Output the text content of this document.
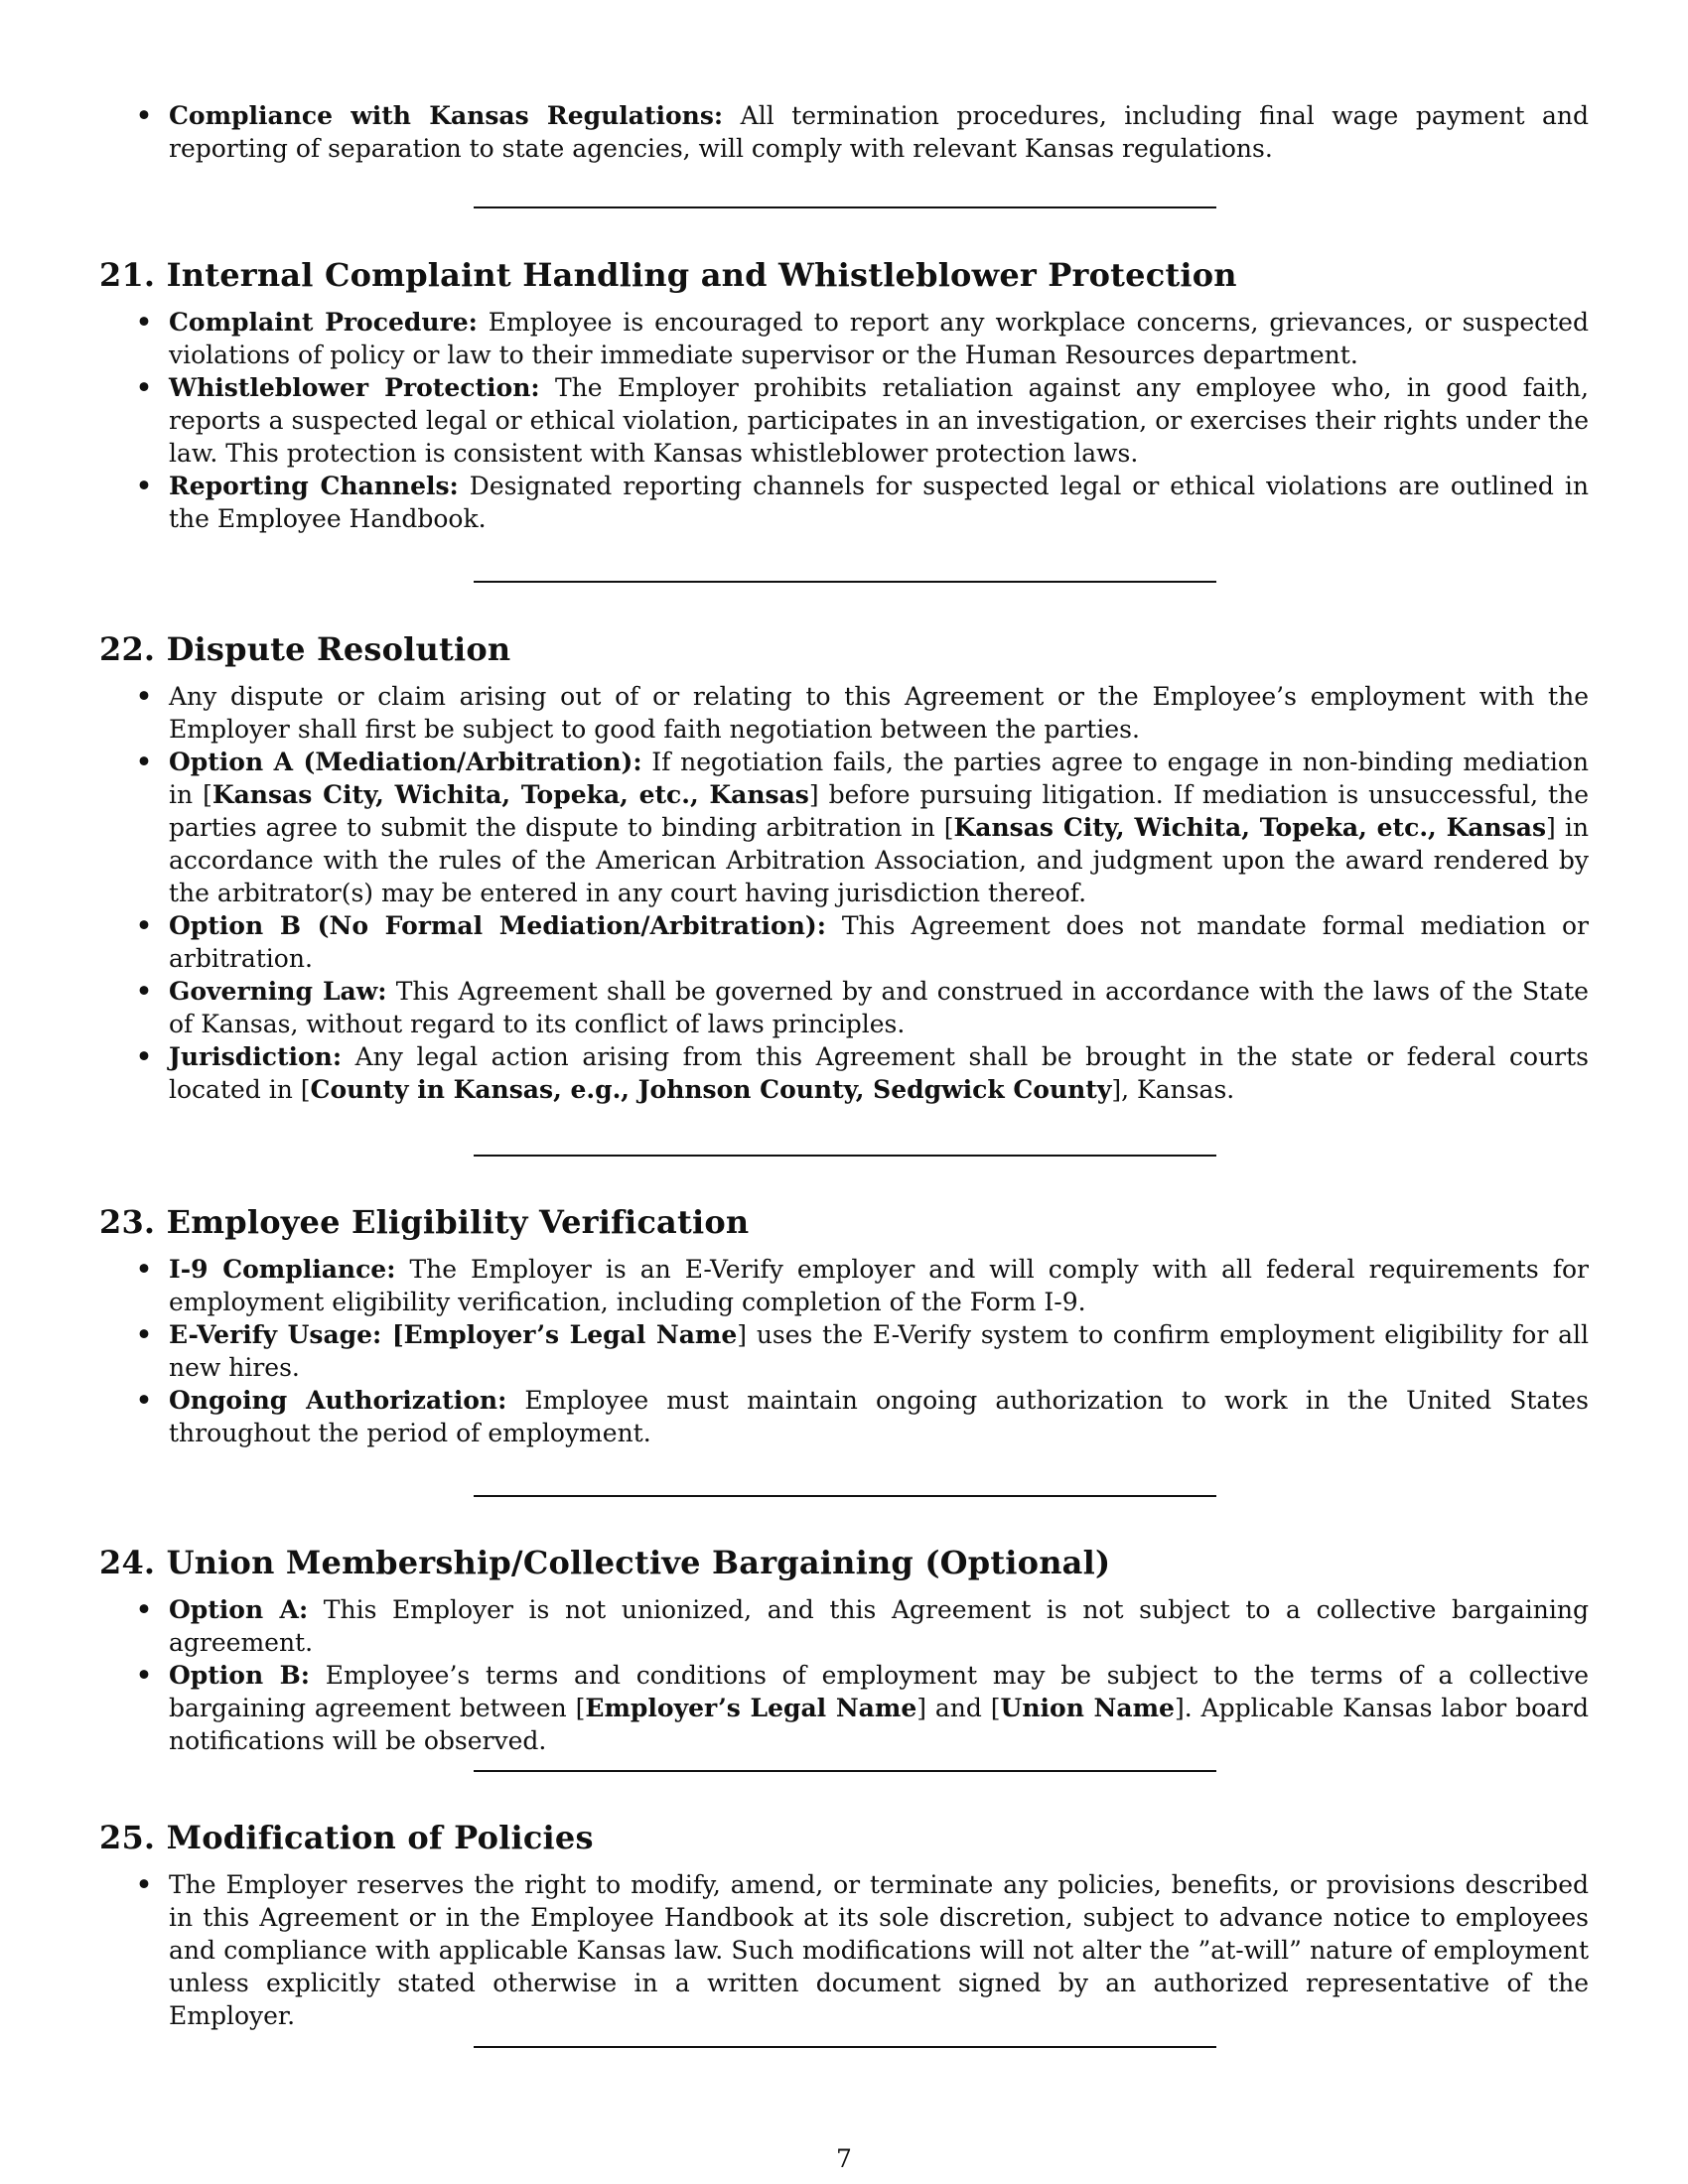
• Compliance with Kansas Regulations: All termination procedures, including final wage payment and reporting of separation to state agencies, will comply with relevant Kansas regulations.
21. Internal Complaint Handling and Whistleblower Protection
• Complaint Procedure: Employee is encouraged to report any workplace concerns, grievances, or suspected violations of policy or law to their immediate supervisor or the Human Resources department.
• Whistleblower Protection: The Employer prohibits retaliation against any employee who, in good faith, reports a suspected legal or ethical violation, participates in an investigation, or exercises their rights under the law. This protection is consistent with Kansas whistleblower protection laws.
• Reporting Channels: Designated reporting channels for suspected legal or ethical violations are outlined in the Employee Handbook.
22. Dispute Resolution
• Any dispute or claim arising out of or relating to this Agreement or the Employee’s employment with the Employer shall first be subject to good faith negotiation between the parties.
• Option A (Mediation/Arbitration): If negotiation fails, the parties agree to engage in non-binding mediation in [Kansas City, Wichita, Topeka, etc., Kansas] before pursuing litigation. If mediation is unsuccessful, the parties agree to submit the dispute to binding arbitration in [Kansas City, Wichita, Topeka, etc., Kansas] in accordance with the rules of the American Arbitration Association, and judgment upon the award rendered by the arbitrator(s) may be entered in any court having jurisdiction thereof.
• Option B (No Formal Mediation/Arbitration): This Agreement does not mandate formal mediation or arbitration.
• Governing Law: This Agreement shall be governed by and construed in accordance with the laws of the State of Kansas, without regard to its conflict of laws principles.
• Jurisdiction: Any legal action arising from this Agreement shall be brought in the state or federal courts located in [County in Kansas, e.g., Johnson County, Sedgwick County], Kansas.
23. Employee Eligibility Verification
• I-9 Compliance: The Employer is an E-Verify employer and will comply with all federal requirements for employment eligibility verification, including completion of the Form I-9.
• E-Verify Usage: [Employer’s Legal Name] uses the E-Verify system to confirm employment eligibility for all new hires.
• Ongoing Authorization: Employee must maintain ongoing authorization to work in the United States throughout the period of employment.
24. Union Membership/Collective Bargaining (Optional)
• Option A: This Employer is not unionized, and this Agreement is not subject to a collective bargaining agreement.
• Option B: Employee’s terms and conditions of employment may be subject to the terms of a collective bargaining agreement between [Employer’s Legal Name] and [Union Name]. Applicable Kansas labor board notifications will be observed.
25. Modification of Policies
• The Employer reserves the right to modify, amend, or terminate any policies, benefits, or provisions described in this Agreement or in the Employee Handbook at its sole discretion, subject to advance notice to employees and compliance with applicable Kansas law. Such modifications will not alter the ”at-will” nature of employment unless explicitly stated otherwise in a written document signed by an authorized representative of the Employer.
7
